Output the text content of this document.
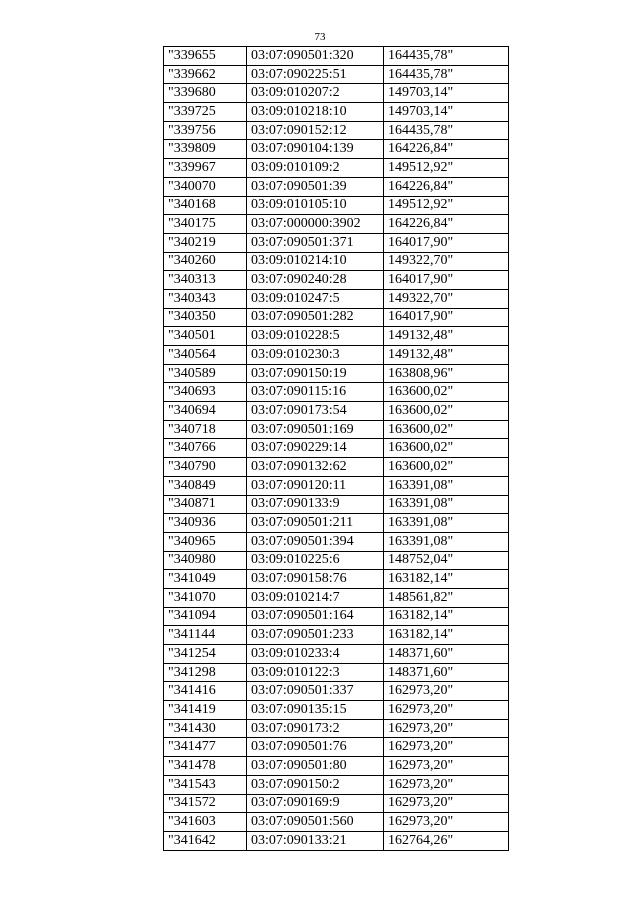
73
"339655	03:07:090501:320	164435,78"
"339662	03:07:090225:51	164435,78"
"339680	03:09:010207:2	149703,14"
"339725	03:09:010218:10	149703,14"
"339756	03:07:090152:12	164435,78"
"339809	03:07:090104:139	164226,84"
"339967	03:09:010109:2	149512,92"
"340070	03:07:090501:39	164226,84"
"340168	03:09:010105:10	149512,92"
"340175	03:07:000000:3902	164226,84"
"340219	03:07:090501:371	164017,90"
"340260	03:09:010214:10	149322,70"
"340313	03:07:090240:28	164017,90"
"340343	03:09:010247:5	149322,70"
"340350	03:07:090501:282	164017,90"
"340501	03:09:010228:5	149132,48"
"340564	03:09:010230:3	149132,48"
"340589	03:07:090150:19	163808,96"
"340693	03:07:090115:16	163600,02"
"340694	03:07:090173:54	163600,02"
"340718	03:07:090501:169	163600,02"
"340766	03:07:090229:14	163600,02"
"340790	03:07:090132:62	163600,02"
"340849	03:07:090120:11	163391,08"
"340871	03:07:090133:9	163391,08"
"340936	03:07:090501:211	163391,08"
"340965	03:07:090501:394	163391,08"
"340980	03:09:010225:6	148752,04"
"341049	03:07:090158:76	163182,14"
"341070	03:09:010214:7	148561,82"
"341094	03:07:090501:164	163182,14"
"341144	03:07:090501:233	163182,14"
"341254	03:09:010233:4	148371,60"
"341298	03:09:010122:3	148371,60"
"341416	03:07:090501:337	162973,20"
"341419	03:07:090135:15	162973,20"
"341430	03:07:090173:2	162973,20"
"341477	03:07:090501:76	162973,20"
"341478	03:07:090501:80	162973,20"
"341543	03:07:090150:2	162973,20"
"341572	03:07:090169:9	162973,20"
"341603	03:07:090501:560	162973,20"
"341642	03:07:090133:21	162764,26"
